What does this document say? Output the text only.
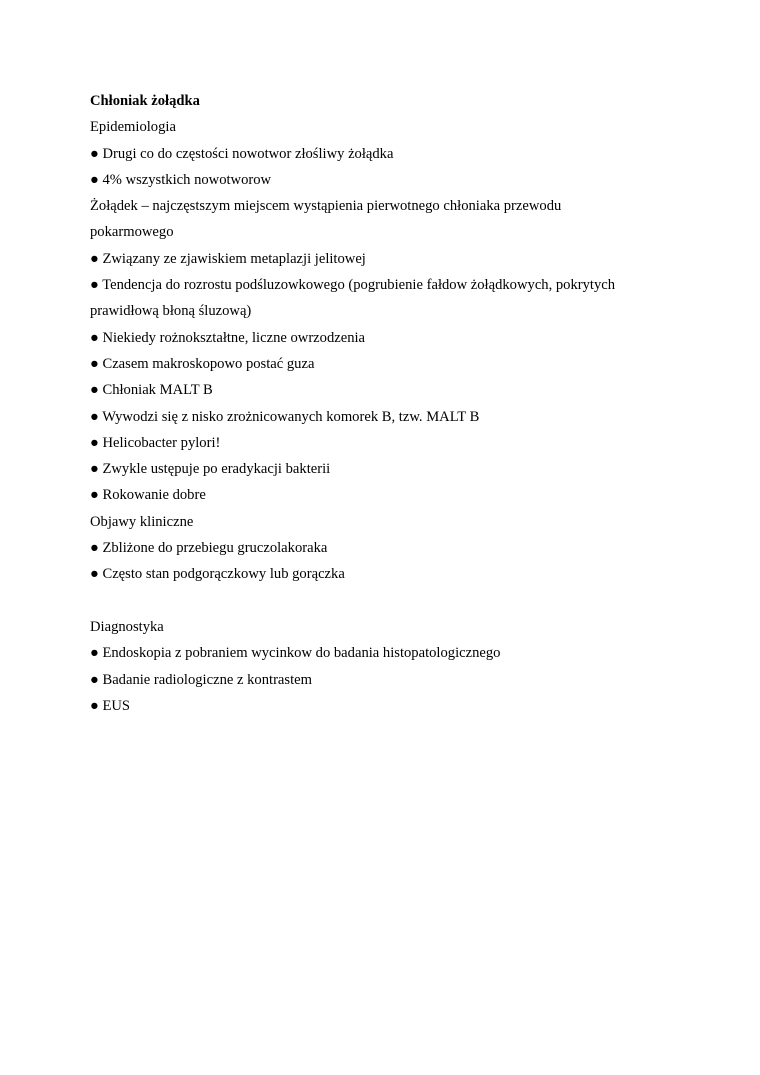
Chłoniak żołądka
Epidemiologia
● Drugi co do częstości nowotwor złośliwy żołądka
● 4% wszystkich nowotworow
Żołądek – najczęstszym miejscem wystąpienia pierwotnego chłoniaka przewodu
pokarmowego
● Związany ze zjawiskiem metaplazji jelitowej
● Tendencja do rozrostu podśluzowkowego (pogrubienie fałdow żołądkowych, pokrytych
prawidłową błoną śluzową)
● Niekiedy rożnokształtne, liczne owrzodzenia
● Czasem makroskopowo postać guza
● Chłoniak MALT B
● Wywodzi się z nisko zrożnicowanych komorek B, tzw. MALT B
● Helicobacter pylori!
● Zwykle ustępuje po eradykacji bakterii
● Rokowanie dobre
Objawy kliniczne
● Zbliżone do przebiegu gruczolakoraka
● Często stan podgorączkowy lub gorączka
Diagnostyka
● Endoskopia z pobraniem wycinkow do badania histopatologicznego
● Badanie radiologiczne z kontrastem
● EUS
